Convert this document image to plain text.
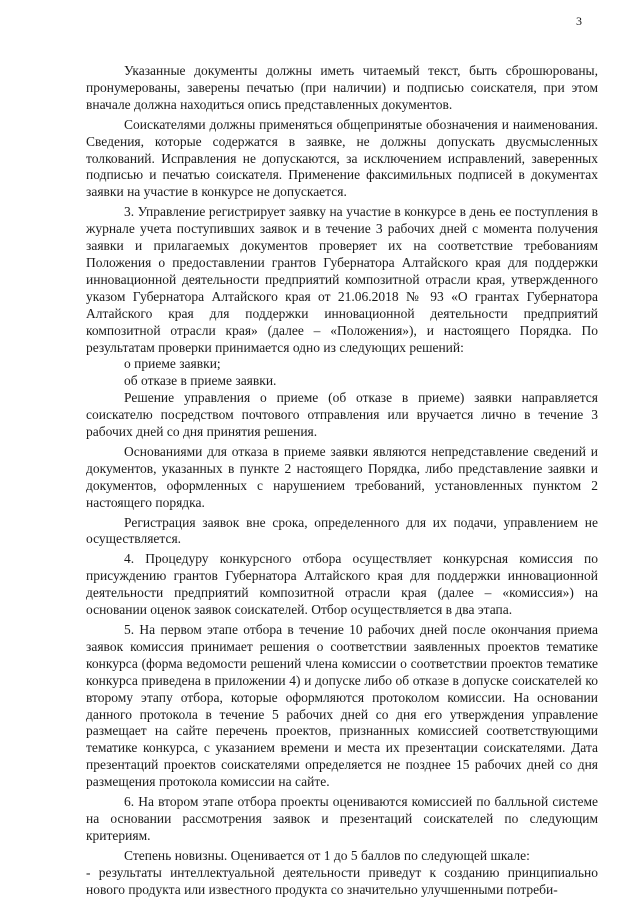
3

Указанные документы должны иметь читаемый текст, быть сброшюрованы, пронумерованы, заверены печатью (при наличии) и подписью соискателя, при этом вначале должна находиться опись представленных документов.

Соискателями должны применяться общепринятые обозначения и наименования. Сведения, которые содержатся в заявке, не должны допускать двусмысленных толкований. Исправления не допускаются, за исключением исправлений, заверенных подписью и печатью соискателя. Применение факсимильных подписей в документах заявки на участие в конкурсе не допускается.

3. Управление регистрирует заявку на участие в конкурсе в день ее поступления в журнале учета поступивших заявок и в течение 3 рабочих дней с момента получения заявки и прилагаемых документов проверяет их на соответствие требованиям Положения о предоставлении грантов Губернатора Алтайского края для поддержки инновационной деятельности предприятий композитной отрасли края, утвержденного указом Губернатора Алтайского края от 21.06.2018 № 93 «О грантах Губернатора Алтайского края для поддержки инновационной деятельности предприятий композитной отрасли края» (далее – «Положения»), и настоящего Порядка. По результатам проверки принимается одно из следующих решений:

о приеме заявки;

об отказе в приеме заявки.

Решение управления о приеме (об отказе в приеме) заявки направляется соискателю посредством почтового отправления или вручается лично в течение 3 рабочих дней со дня принятия решения.

Основаниями для отказа в приеме заявки являются непредставление сведений и документов, указанных в пункте 2 настоящего Порядка, либо представление заявки и документов, оформленных с нарушением требований, установленных пунктом 2 настоящего порядка.

Регистрация заявок вне срока, определенного для их подачи, управлением не осуществляется.

4. Процедуру конкурсного отбора осуществляет конкурсная комиссия по присуждению грантов Губернатора Алтайского края для поддержки инновационной деятельности предприятий композитной отрасли края (далее – «комиссия») на основании оценок заявок соискателей. Отбор осуществляется в два этапа.

5. На первом этапе отбора в течение 10 рабочих дней после окончания приема заявок комиссия принимает решения о соответствии заявленных проектов тематике конкурса (форма ведомости решений члена комиссии о соответствии проектов тематике конкурса приведена в приложении 4) и допуске либо об отказе в допуске соискателей ко второму этапу отбора, которые оформляются протоколом комиссии. На основании данного протокола в течение 5 рабочих дней со дня его утверждения управление размещает на сайте перечень проектов, признанных комиссией соответствующими тематике конкурса, с указанием времени и места их презентации соискателями. Дата презентаций проектов соискателями определяется не позднее 15 рабочих дней со дня размещения протокола комиссии на сайте.

6. На втором этапе отбора проекты оцениваются комиссией по балльной системе на основании рассмотрения заявок и презентаций соискателей по следующим критериям.

Степень новизны. Оценивается от 1 до 5 баллов по следующей шкале:

- результаты интеллектуальной деятельности приведут к созданию принципиально нового продукта или известного продукта со значительно улучшенными потреби-
